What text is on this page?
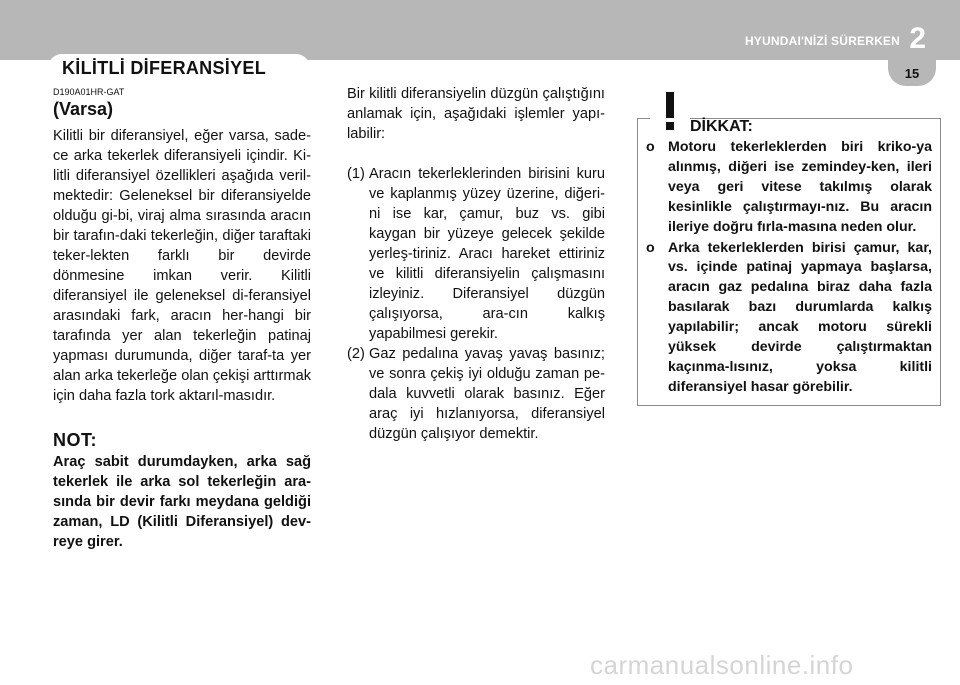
KİLİTLİ DİFERANSİYEL
HYUNDAI'NİZİ SÜRERKEN 2
15
D190A01HR-GAT
(Varsa)

Kilitli bir diferansiyel, eğer varsa, sade-ce arka tekerlek diferansiyeli içindir. Ki-litli diferansiyel özellikleri aşağıda veril-mektedir: Geleneksel bir diferansiyelde olduğu gi-bi, viraj alma sırasında aracın bir tarafın-daki tekerleğin, diğer taraftaki teker-lekten farklı bir devirde dönmesine imkan verir. Kilitli diferansiyel ile geleneksel di-feransiyel arasındaki fark, aracın her-hangi bir tarafında yer alan tekerleğin patinaj yapması durumunda, diğer taraf-ta yer alan arka tekerleğe olan çekişi arttırmak için daha fazla tork aktarıl-masıdır.

NOT:

Araç sabit durumdayken, arka sağ tekerlek ile arka sol tekerleğin ara-sında bir devir farkı meydana geldiği zaman, LD (Kilitli Diferansiyel) dev-reye girer.

Bir kilitli diferansiyelin düzgün çalıştığını anlamak için, aşağıdaki işlemler yapı-labilir:

(1) Aracın tekerleklerinden birisini kuru ve kaplanmış yüzey üzerine, diğeri-ni ise kar, çamur, buz vs. gibi kaygan bir yüzeye gelecek şekilde yerleş-tiriniz. Aracı hareket ettiriniz ve kilitli diferansiyelin çalışmasını izleyiniz. Diferansiyel düzgün çalışıyorsa, ara-cın kalkış yapabilmesi gerekir.
(2) Gaz pedalına yavaş yavaş basınız; ve sonra çekiş iyi olduğu zaman pe-dala kuvvetli olarak basınız. Eğer araç iyi hızlanıyorsa, diferansiyel düzgün çalışıyor demektir.
DİKKAT:
o Motoru tekerleklerden biri kriko-ya alınmış, diğeri ise zemindey-ken, ileri veya geri vitese takılmış olarak kesinlikle çalıştırmayı-nız. Bu aracın ileriye doğru fırla-masına neden olur.
o Arka tekerleklerden birisi çamur, kar, vs. içinde patinaj yapmaya başlarsa, aracın gaz pedalına biraz daha fazla basılarak bazı durumlarda kalkış yapılabilir; ancak motoru sürekli yüksek devirde çalıştırmaktan kaçınma-lısınız, yoksa kilitli diferansiyel hasar görebilir.
carmanualsonline.info
